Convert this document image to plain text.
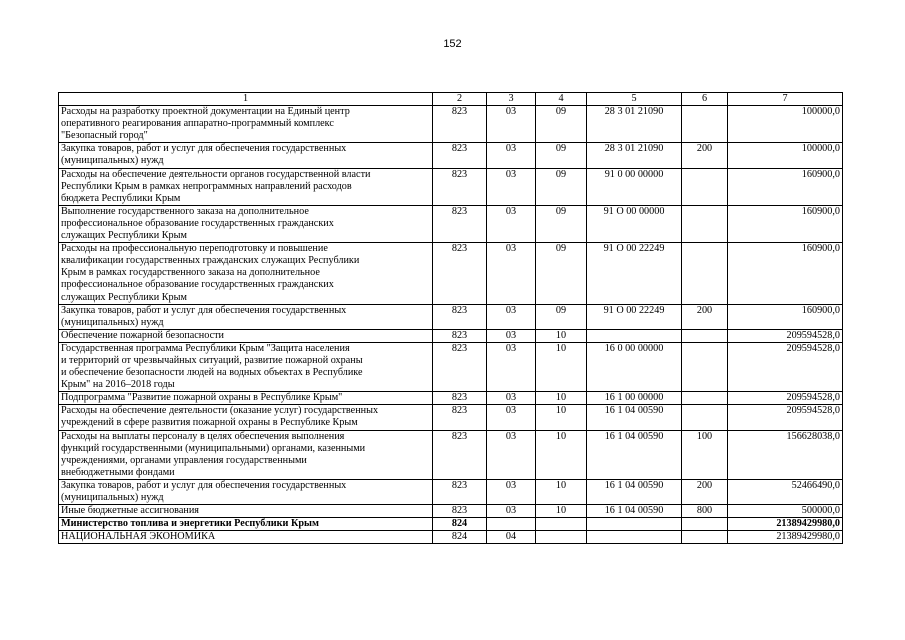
152
1	2	3	4	5	6	7

Расходы на разработку проектной документации на Единый центр
оперативного реагирования аппаратно-программный комплекс
"Безопасный город"	823	03	09	28 3 01 21090		100000,0

Закупка товаров, работ и услуг для обеспечения государственных
(муниципальных) нужд	823	03	09	28 3 01 21090	200	100000,0

Расходы на обеспечение деятельности органов государственной власти
Республики Крым в рамках непрограммных направлений расходов
бюджета Республики Крым	823	03	09	91 0 00 00000		160900,0

Выполнение государственного заказа на дополнительное
профессиональное образование государственных гражданских
служащих Республики Крым	823	03	09	91 О 00 00000		160900,0

Расходы на профессиональную переподготовку и повышение
квалификации государственных гражданских служащих Республики
Крым в рамках государственного заказа на дополнительное
профессиональное образование государственных гражданских
служащих Республики Крым	823	03	09	91 О 00 22249		160900,0

Закупка товаров, работ и услуг для обеспечения государственных
(муниципальных) нужд	823	03	09	91 О 00 22249	200	160900,0

Обеспечение пожарной безопасности	823	03	10			209594528,0

Государственная программа Республики Крым "Защита населения
и территорий от чрезвычайных ситуаций, развитие пожарной охраны
и обеспечение безопасности людей на водных объектах в Республике
Крым" на 2016–2018 годы	823	03	10	16 0 00 00000		209594528,0

Подпрограмма "Развитие пожарной охраны в Республике Крым"	823	03	10	16 1 00 00000		209594528,0

Расходы на обеспечение деятельности (оказание услуг) государственных
учреждений в сфере развития пожарной охраны в Республике Крым	823	03	10	16 1 04 00590		209594528,0

Расходы на выплаты персоналу в целях обеспечения выполнения
функций государственными (муниципальными) органами, казенными
учреждениями, органами управления государственными
внебюджетными фондами	823	03	10	16 1 04 00590	100	156628038,0

Закупка товаров, работ и услуг для обеспечения государственных
(муниципальных) нужд	823	03	10	16 1 04 00590	200	52466490,0

Иные бюджетные ассигнования	823	03	10	16 1 04 00590	800	500000,0

Министерство топлива и энергетики Республики Крым	824					21389429980,0

НАЦИОНАЛЬНАЯ ЭКОНОМИКА	824	04				21389429980,0
